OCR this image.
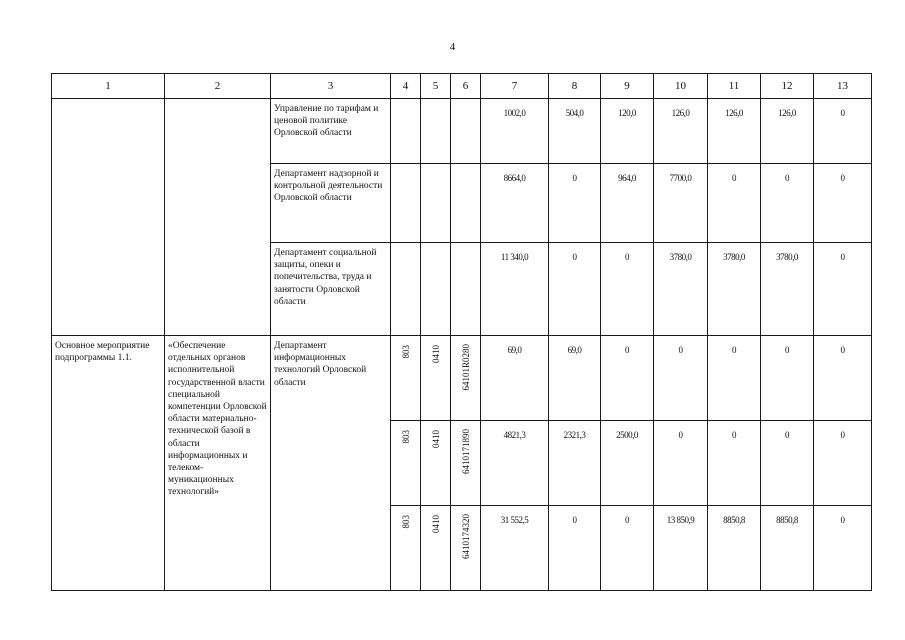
4
1	2	3	4	5	6	7	8	9	10	11	12	13
		Управление по тарифам и ценовой политике Орловской области				1002,0	504,0	120,0	126,0	126,0	126,0	0
		Департамент надзорной и контрольной деятельности Орловской области				8664,0	0	964,0	7700,0	0	0	0
		Департамент социальной защиты, опеки и попечительства, труда и занятости Орловской области				11 340,0	0	0	3780,0	3780,0	3780,0	0
Основное мероприятие подпрограммы 1.1.	«Обеспечение отдельных органов исполнительной государственной власти специальной компетенции Орловской области материально-технической базой в области информационных и телеком-муникационных технологий»	Департамент информационных технологий Орловской области	803	0410	64101R0280	69,0	69,0	0	0	0	0	0

			803	0410	6410171890	4821,3	2321,3	2500,0	0	0	0	0

			803	0410	6410174320	31 552,5	0	0	13 850,9	8850,8	8850,8	0
